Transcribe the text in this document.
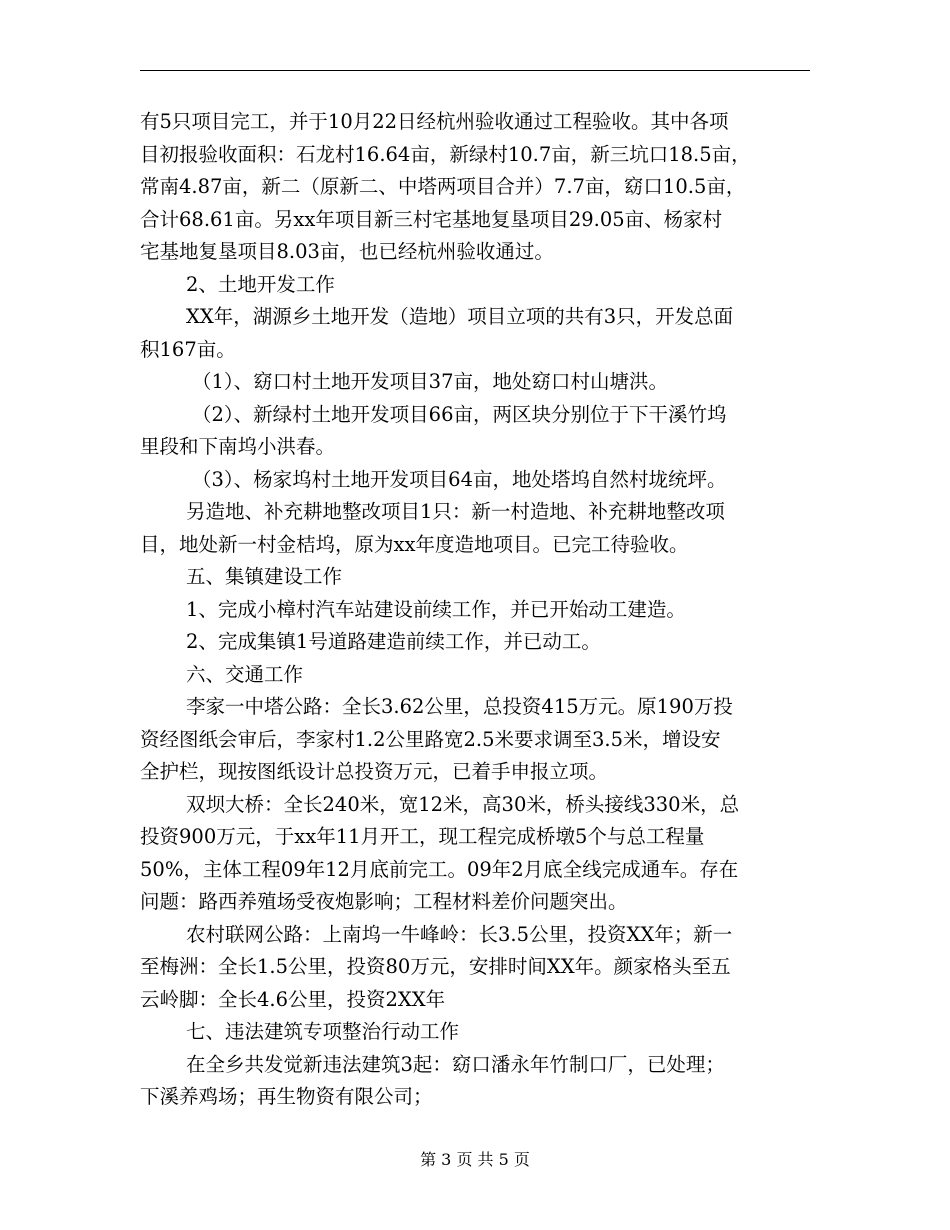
有5只项目完工，并于10月22日经杭州验收通过工程验收。其中各项
目初报验收面积：石龙村16.64亩，新绿村10.7亩，新三坑口18.5亩，
常南4.87亩，新二（原新二、中塔两项目合并）7.7亩，窈口10.5亩，
合计68.61亩。另xx年项目新三村宅基地复垦项目29.05亩、杨家村
宅基地复垦项目8.03亩，也已经杭州验收通过。
2、土地开发工作
XX年，湖源乡土地开发（造地）项目立项的共有3只，开发总面
积167亩。
（1）、窈口村土地开发项目37亩，地处窈口村山塘洪。
（2）、新绿村土地开发项目66亩，两区块分别位于下干溪竹坞
里段和下南坞小洪春。
（3）、杨家坞村土地开发项目64亩，地处塔坞自然村垅统坪。
另造地、补充耕地整改项目1只：新一村造地、补充耕地整改项
目，地处新一村金桔坞，原为xx年度造地项目。已完工待验收。
五、集镇建设工作
1、完成小樟村汽车站建设前续工作，并已开始动工建造。
2、完成集镇1号道路建造前续工作，并已动工。
六、交通工作
李家一中塔公路：全长3.62公里，总投资415万元。原190万投
资经图纸会审后，李家村1.2公里路宽2.5米要求调至3.5米，增设安
全护栏，现按图纸设计总投资万元，已着手申报立项。
双坝大桥：全长240米，宽12米，高30米，桥头接线330米，总
投资900万元，于xx年11月开工，现工程完成桥墩5个与总工程量
50%，主体工程09年12月底前完工。09年2月底全线完成通车。存在
问题：路西养殖场受夜炮影响；工程材料差价问题突出。
农村联网公路：上南坞一牛峰岭：长3.5公里，投资XX年；新一
至梅洲：全长1.5公里，投资80万元，安排时间XX年。颜家格头至五
云岭脚：全长4.6公里，投资2XX年
七、违法建筑专项整治行动工作
在全乡共发觉新违法建筑3起：窈口潘永年竹制口厂，已处理；
下溪养鸡场；再生物资有限公司；
第 3 页 共 5 页
